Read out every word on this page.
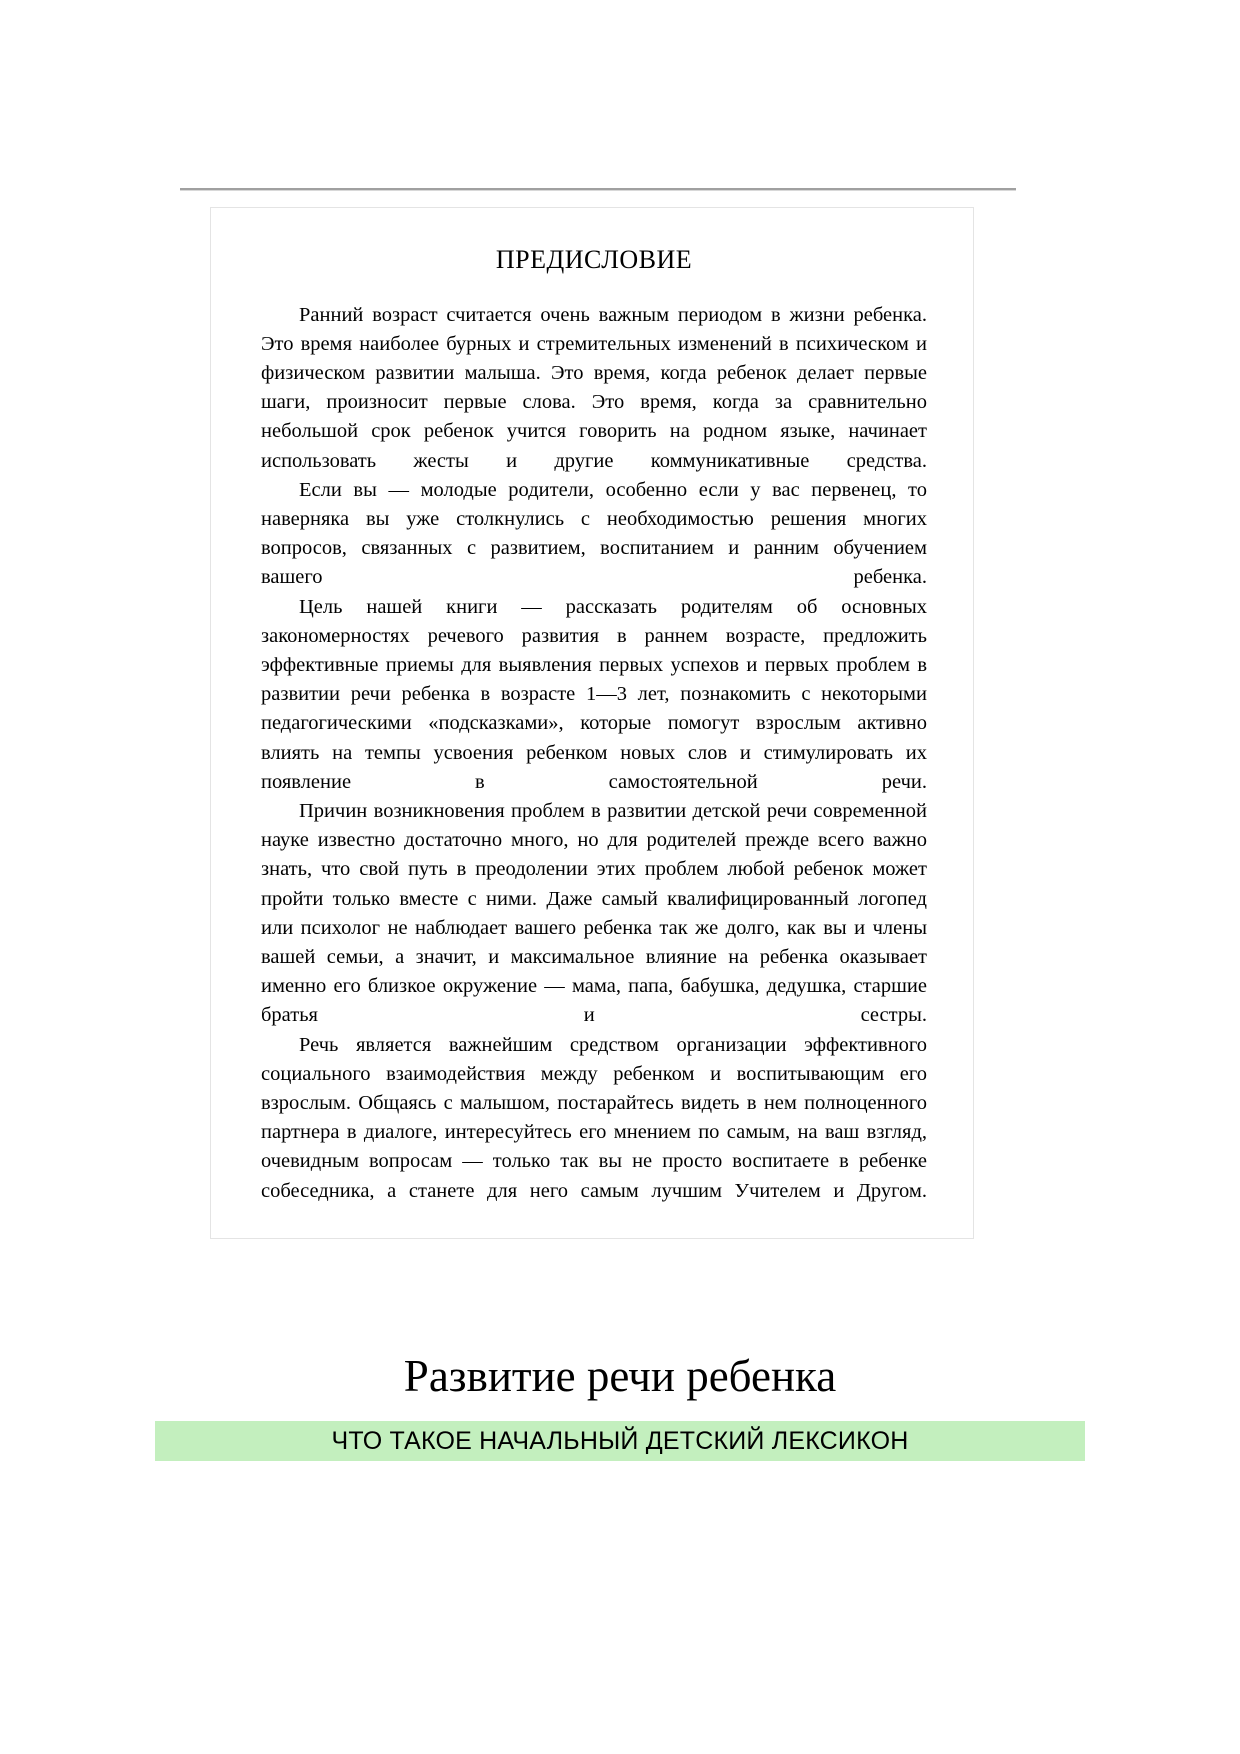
ПРЕДИСЛОВИЕ

Ранний возраст считается очень важным периодом в жизни ребенка. Это время наиболее бурных и стремительных изменений в психическом и физическом развитии малыша. Это время, когда ребенок делает первые шаги, произносит первые слова. Это время, когда за сравнительно небольшой срок ребенок учится говорить на родном языке, начинает использовать жесты и другие коммуникативные средства.

Если вы — молодые родители, особенно если у вас первенец, то наверняка вы уже столкнулись с необходимостью решения многих вопросов, связанных с развитием, воспитанием и ранним обучением вашего ребенка.

Цель нашей книги — рассказать родителям об основных закономерностях речевого развития в раннем возрасте, предложить эффективные приемы для выявления первых успехов и первых проблем в развитии речи ребенка в возрасте 1—3 лет, познакомить с некоторыми педагогическими «подсказками», которые помогут взрослым активно влиять на темпы усвоения ребенком новых слов и стимулировать их появление в самостоятельной речи.

Причин возникновения проблем в развитии детской речи современной науке известно достаточно много, но для родителей прежде всего важно знать, что свой путь в преодолении этих проблем любой ребенок может пройти только вместе с ними. Даже самый квалифицированный логопед или психолог не наблюдает вашего ребенка так же долго, как вы и члены вашей семьи, а значит, и максимальное влияние на ребенка оказывает именно его близкое окружение — мама, папа, бабушка, дедушка, старшие братья и сестры.

Речь является важнейшим средством организации эффективного социального взаимодействия между ребенком и воспитывающим его взрослым. Общаясь с малышом, постарайтесь видеть в нем полноценного партнера в диалоге, интересуйтесь его мнением по самым, на ваш взгляд, очевидным вопросам — только так вы не просто воспитаете в ребенке собеседника, а станете для него самым лучшим Учителем и Другом.

Развитие речи ребенка
ЧТО ТАКОЕ НАЧАЛЬНЫЙ ДЕТСКИЙ ЛЕКСИКОН
